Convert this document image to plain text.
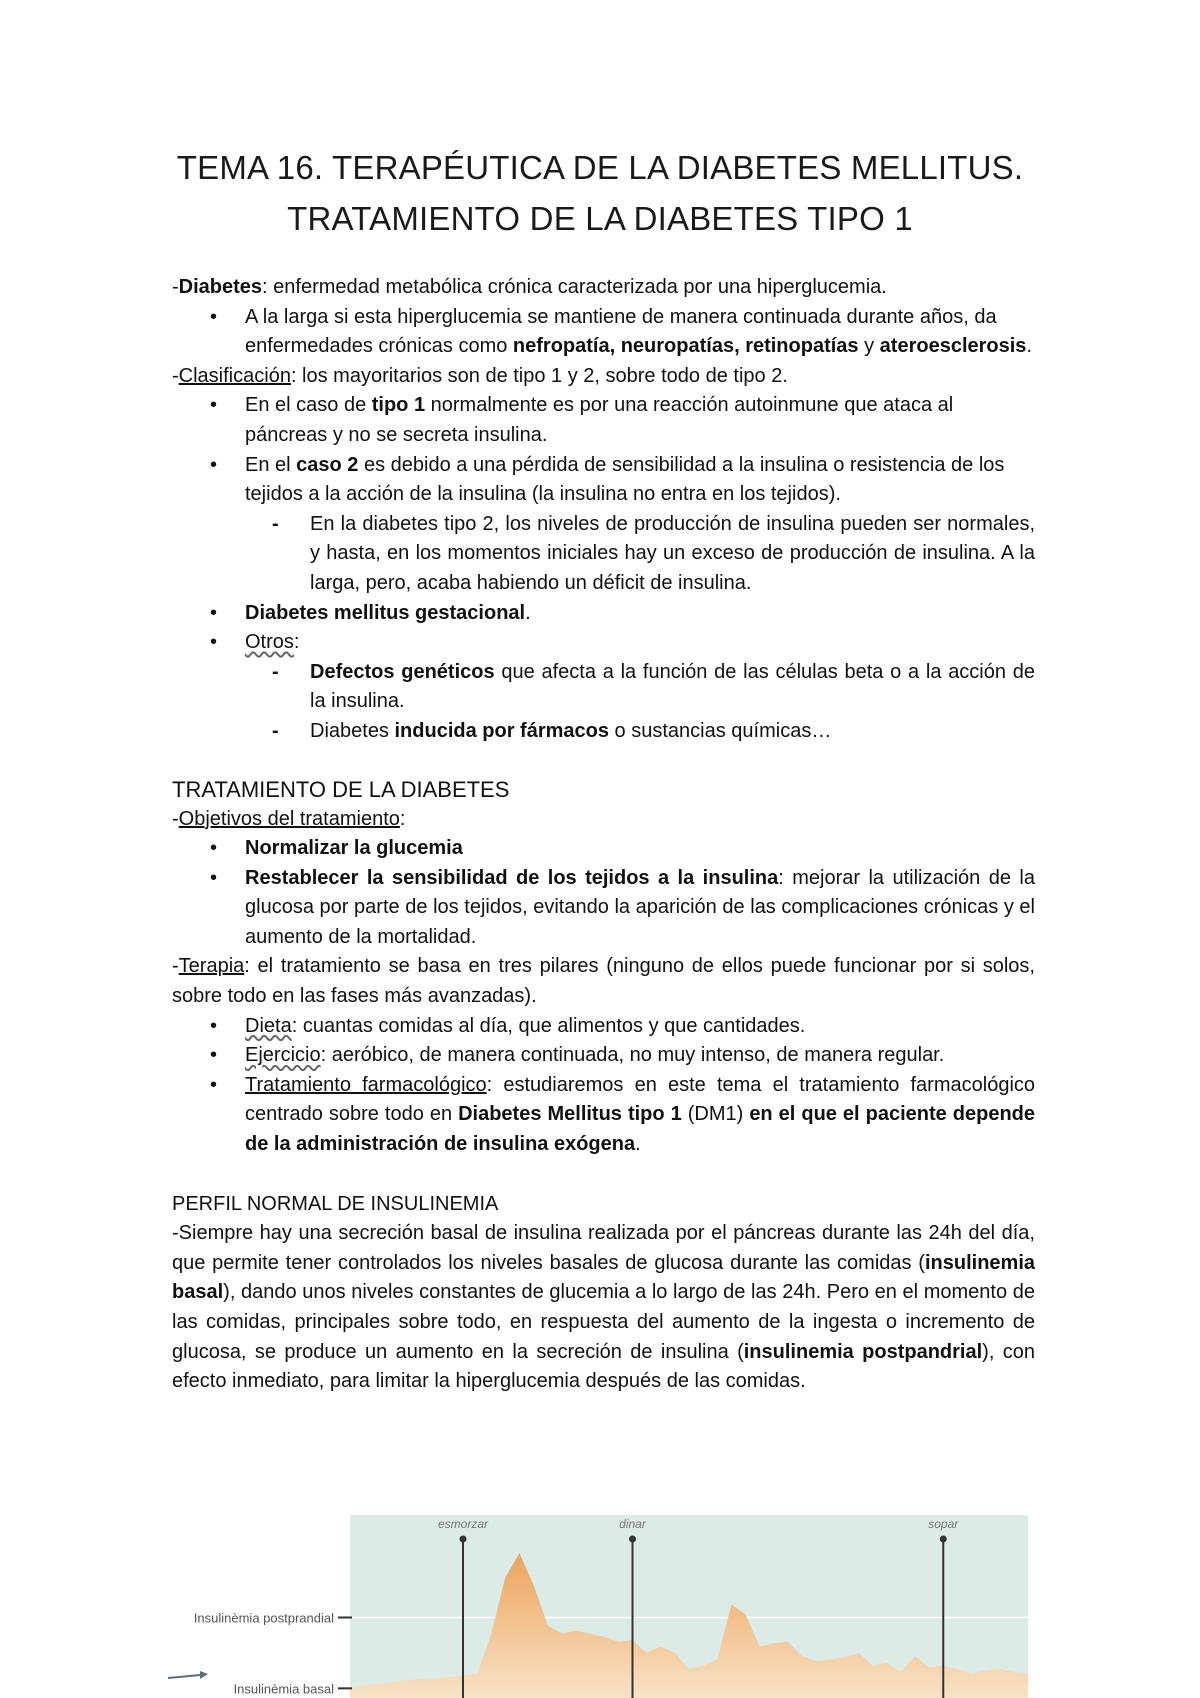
TEMA 16. TERAPÉUTICA DE LA DIABETES MELLITUS.
TRATAMIENTO DE LA DIABETES TIPO 1

-Diabetes: enfermedad metabólica crónica caracterizada por una hiperglucemia.

• A la larga si esta hiperglucemia se mantiene de manera continuada durante años, da enfermedades crónicas como nefropatía, neuropatías, retinopatías y ateroesclerosis.

-Clasificación: los mayoritarios son de tipo 1 y 2, sobre todo de tipo 2.

• En el caso de tipo 1 normalmente es por una reacción autoinmune que ataca al páncreas y no se secreta insulina.
• En el caso 2 es debido a una pérdida de sensibilidad a la insulina o resistencia de los tejidos a la acción de la insulina (la insulina no entra en los tejidos).
- En la diabetes tipo 2, los niveles de producción de insulina pueden ser normales, y hasta, en los momentos iniciales hay un exceso de producción de insulina. A la larga, pero, acaba habiendo un déficit de insulina.
• Diabetes mellitus gestacional.
• Otros:
- Defectos genéticos que afecta a la función de las células beta o a la acción de la insulina.
- Diabetes inducida por fármacos o sustancias químicas…

TRATAMIENTO DE LA DIABETES

-Objetivos del tratamiento:

• Normalizar la glucemia
• Restablecer la sensibilidad de los tejidos a la insulina: mejorar la utilización de la glucosa por parte de los tejidos, evitando la aparición de las complicaciones crónicas y el aumento de la mortalidad.

-Terapia: el tratamiento se basa en tres pilares (ninguno de ellos puede funcionar por si solos, sobre todo en las fases más avanzadas).

• Dieta: cuantas comidas al día, que alimentos y que cantidades.
• Ejercicio: aeróbico, de manera continuada, no muy intenso, de manera regular.
• Tratamiento farmacológico: estudiaremos en este tema el tratamiento farmacológico centrado sobre todo en Diabetes Mellitus tipo 1 (DM1) en el que el paciente depende de la administración de insulina exógena.

PERFIL NORMAL DE INSULINEMIA

-Siempre hay una secreción basal de insulina realizada por el páncreas durante las 24h del día, que permite tener controlados los niveles basales de glucosa durante las comidas (insulinemia basal), dando unos niveles constantes de glucemia a lo largo de las 24h. Pero en el momento de las comidas, principales sobre todo, en respuesta del aumento de la ingesta o incremento de glucosa, se produce un aumento en la secreción de insulina (insulinemia postpandrial), con efecto inmediato, para limitar la hiperglucemia después de las comidas.

esmorzar	dinar	sopar
Insulinèmia postprandial
Insulinèmia basal
